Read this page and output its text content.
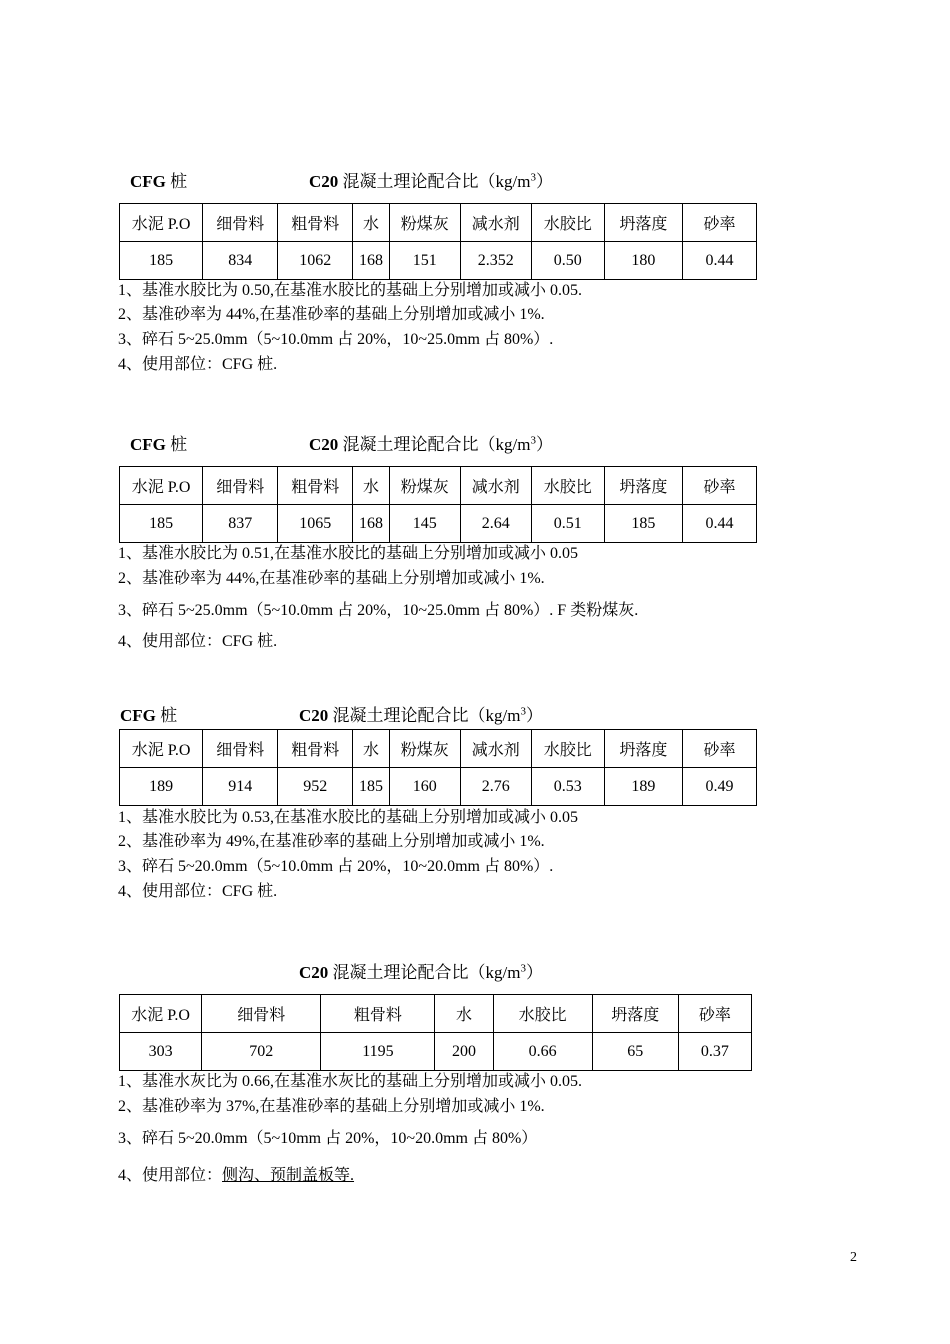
CFG 桩	C20 混凝土理论配合比$(kg/m^3)$
水泥 P.O	细骨料	粗骨料	水	粉煤灰	减水剂	水胶比	坍落度	砂率
185	834	1062	168	151	2.352	0.50	180	0.44
1、基准水胶比为 0.50,在基准水胶比的基础上分别增加或减小 0.05.
2、基准砂率为 44%,在基准砂率的基础上分别增加或减小 1%.
3、碎石 5~25.0mm（5~10.0mm 占 20%，10~25.0mm 占 80%）.
4、使用部位：CFG 桩.
CFG 桩	C20 混凝土理论配合比$(kg/m^3)$
水泥 P.O	细骨料	粗骨料	水	粉煤灰	减水剂	水胶比	坍落度	砂率
185	837	1065	168	145	2.64	0.51	185	0.44
1、基准水胶比为 0.51,在基准水胶比的基础上分别增加或减小 0.05
2、基准砂率为 44%,在基准砂率的基础上分别增加或减小 1%.
3、碎石 5~25.0mm（5~10.0mm 占 20%，10~25.0mm 占 80%）. F 类粉煤灰.
4、使用部位：CFG 桩.
CFG 桩	C20 混凝土理论配合比$(kg/m^3)$
水泥 P.O	细骨料	粗骨料	水	粉煤灰	减水剂	水胶比	坍落度	砂率
189	914	952	185	160	2.76	0.53	189	0.49
1、基准水胶比为 0.53,在基准水胶比的基础上分别增加或减小 0.05
2、基准砂率为 49%,在基准砂率的基础上分别增加或减小 1%.
3、碎石 5~20.0mm（5~10.0mm 占 20%，10~20.0mm 占 80%）.
4、使用部位：CFG 桩.
C20 混凝土理论配合比$(kg/m^3)$
水泥 P.O	细骨料	粗骨料	水	水胶比	坍落度	砂率
303	702	1195	200	0.66	65	0.37
1、基准水灰比为 0.66,在基准水灰比的基础上分别增加或减小 0.05.
2、基准砂率为 37%,在基准砂率的基础上分别增加或减小 1%.
3、碎石 5~20.0mm（5~10mm 占 20%，10~20.0mm 占 80%）
4、使用部位：侧沟、预制盖板等.
2
